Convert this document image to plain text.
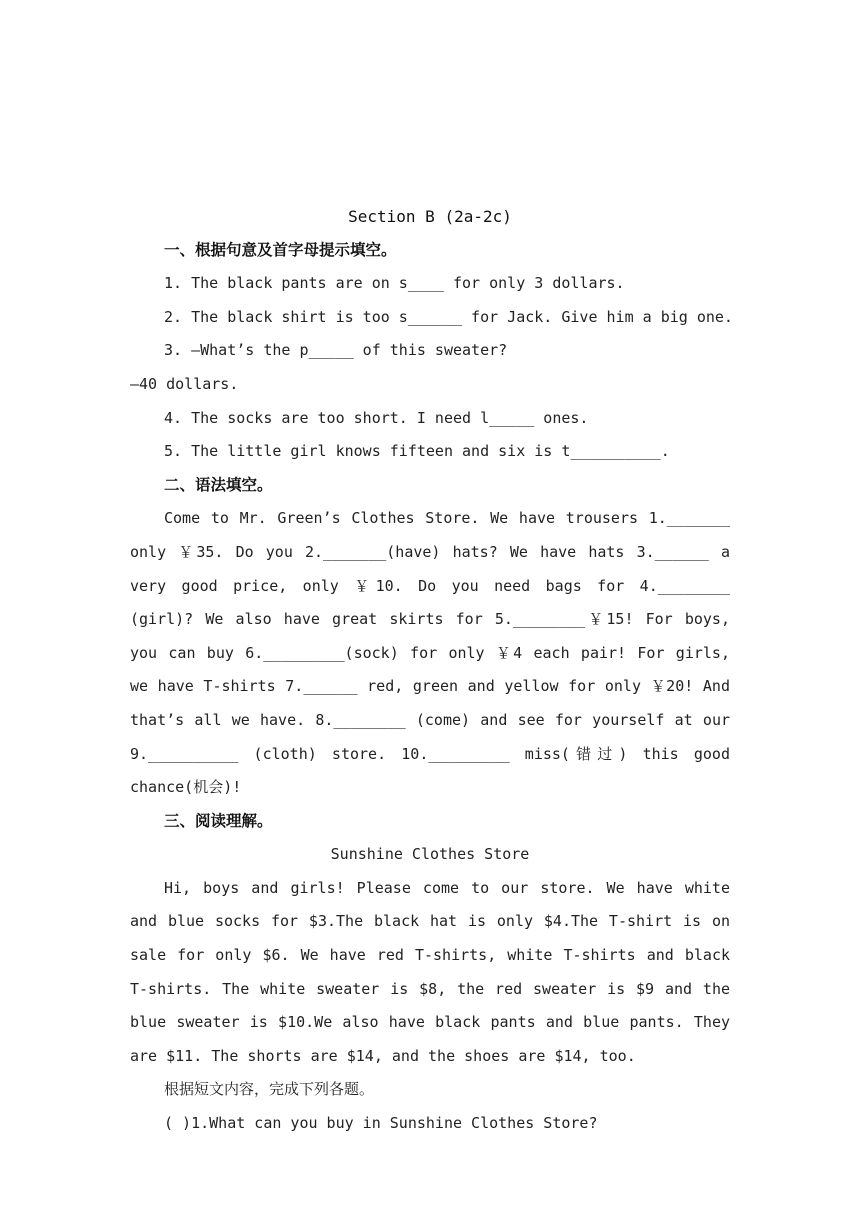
Section B (2a-2c)
一、根据句意及首字母提示填空。
1. The black pants are on s____ for only 3 dollars.
2. The black shirt is too s______ for Jack. Give him a big one.
3. —What’s the p_____ of this sweater?
—40 dollars.
4. The socks are too short. I need l_____ ones.
5. The little girl knows fifteen and six is t__________.
二、语法填空。
Come to Mr. Green’s Clothes Store. We have trousers 1._______ only ￥35. Do you 2._______(have) hats? We have hats 3.______ a very good price, only ￥10. Do you need bags for 4.________ (girl)? We also have great skirts for 5.________￥15! For boys, you can buy 6._________(sock) for only ￥4 each pair! For girls, we have T-shirts 7.______ red, green and yellow for only ￥20! And that’s all we have. 8.________ (come) and see for yourself at our 9.__________ (cloth) store. 10._________ miss(错过) this good chance(机会)!
三、阅读理解。
Sunshine Clothes Store
Hi, boys and girls! Please come to our store. We have white and blue socks for $3.The black hat is only $4.The T-shirt is on sale for only $6. We have red T-shirts, white T-shirts and black T-shirts. The white sweater is $8, the red sweater is $9 and the blue sweater is $10.We also have black pants and blue pants. They are $11. The shorts are $14, and the shoes are $14, too.
根据短文内容，完成下列各题。
( )1.What can you buy in Sunshine Clothes Store?
